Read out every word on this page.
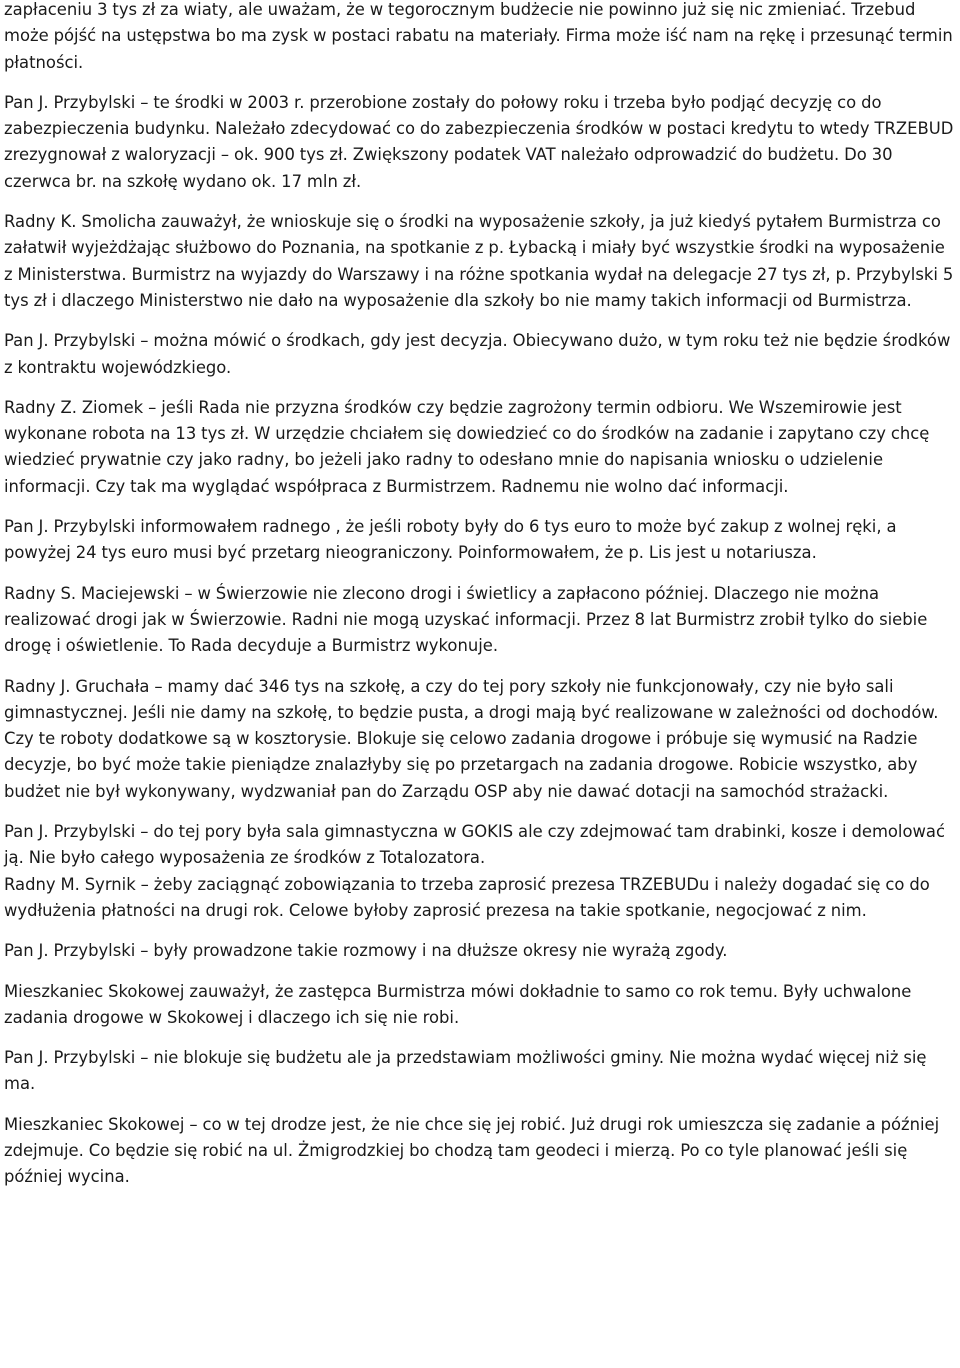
zapłaceniu 3 tys zł za wiaty, ale uważam, że w tegorocznym budżecie nie powinno już się nic zmieniać. Trzebud może pójść na ustępstwa bo ma zysk w postaci rabatu na materiały. Firma może iść nam na rękę i przesunąć termin płatności.

Pan J. Przybylski – te środki w 2003 r. przerobione zostały do połowy roku i trzeba było podjąć decyzję co do zabezpieczenia budynku. Należało zdecydować co do zabezpieczenia środków w postaci kredytu to wtedy TRZEBUD zrezygnował z waloryzacji – ok. 900 tys zł. Zwiększony podatek VAT należało odprowadzić do budżetu. Do 30 czerwca br. na szkołę wydano ok. 17 mln zł.

Radny K. Smolicha zauważył, że wnioskuje się o środki na wyposażenie szkoły, ja już kiedyś pytałem Burmistrza co załatwił wyjeżdżając służbowo do Poznania, na spotkanie z p. Łybacką i miały być wszystkie środki na wyposażenie z Ministerstwa. Burmistrz na wyjazdy do Warszawy i na różne spotkania wydał na delegacje 27 tys zł, p. Przybylski 5 tys zł i dlaczego Ministerstwo nie dało na wyposażenie dla szkoły bo nie mamy takich informacji od Burmistrza.

Pan J. Przybylski – można mówić o środkach, gdy jest decyzja. Obiecywano dużo, w tym roku też nie będzie środków z kontraktu wojewódzkiego.

Radny Z. Ziomek – jeśli Rada nie przyzna środków czy będzie zagrożony termin odbioru. We Wszemirowie jest wykonane robota na 13 tys zł. W urzędzie chciałem się dowiedzieć co do środków na zadanie i zapytano czy chcę wiedzieć prywatnie czy jako radny, bo jeżeli jako radny to odesłano mnie do napisania wniosku o udzielenie informacji. Czy tak ma wyglądać współpraca z Burmistrzem. Radnemu nie wolno dać informacji.

Pan J. Przybylski informowałem radnego , że jeśli roboty były do 6 tys euro to może być zakup z wolnej ręki, a powyżej 24 tys euro musi być przetarg nieograniczony. Poinformowałem, że p. Lis jest u notariusza.

Radny S. Maciejewski – w Świerzowie nie zlecono drogi i świetlicy a zapłacono później. Dlaczego nie można realizować drogi jak w Świerzowie. Radni nie mogą uzyskać informacji. Przez 8 lat Burmistrz zrobił tylko do siebie drogę i oświetlenie. To Rada decyduje a Burmistrz wykonuje.

Radny J. Gruchała – mamy dać 346 tys na szkołę, a czy do tej pory szkoły nie funkcjonowały, czy nie było sali gimnastycznej. Jeśli nie damy na szkołę, to będzie pusta, a drogi mają być realizowane w zależności od dochodów. Czy te roboty dodatkowe są w kosztorysie. Blokuje się celowo zadania drogowe i próbuje się wymusić na Radzie decyzje, bo być może takie pieniądze znalazłyby się po przetargach na zadania drogowe. Robicie wszystko, aby budżet nie był wykonywany, wydzwaniał pan do Zarządu OSP aby nie dawać dotacji na samochód strażacki.

Pan J. Przybylski – do tej pory była sala gimnastyczna w GOKIS ale czy zdejmować tam drabinki, kosze i demolować ją. Nie było całego wyposażenia ze środków z Totalozatora.

Radny M. Syrnik – żeby zaciągnąć zobowiązania to trzeba zaprosić prezesa TRZEBUDu i należy dogadać się co do wydłużenia płatności na drugi rok. Celowe byłoby zaprosić prezesa na takie spotkanie, negocjować z nim.

Pan J. Przybylski – były prowadzone takie rozmowy i na dłuższe okresy nie wyrażą zgody.

Mieszkaniec Skokowej zauważył, że zastępca Burmistrza mówi dokładnie to samo co rok temu. Były uchwalone zadania drogowe w Skokowej i dlaczego ich się nie robi.

Pan J. Przybylski – nie blokuje się budżetu ale ja przedstawiam możliwości gminy. Nie można wydać więcej niż się ma.

Mieszkaniec Skokowej – co w tej drodze jest, że nie chce się jej robić. Już drugi rok umieszcza się zadanie a później zdejmuje. Co będzie się robić na ul. Żmigrodzkiej bo chodzą tam geodeci i mierzą. Po co tyle planować jeśli się później wycina.
